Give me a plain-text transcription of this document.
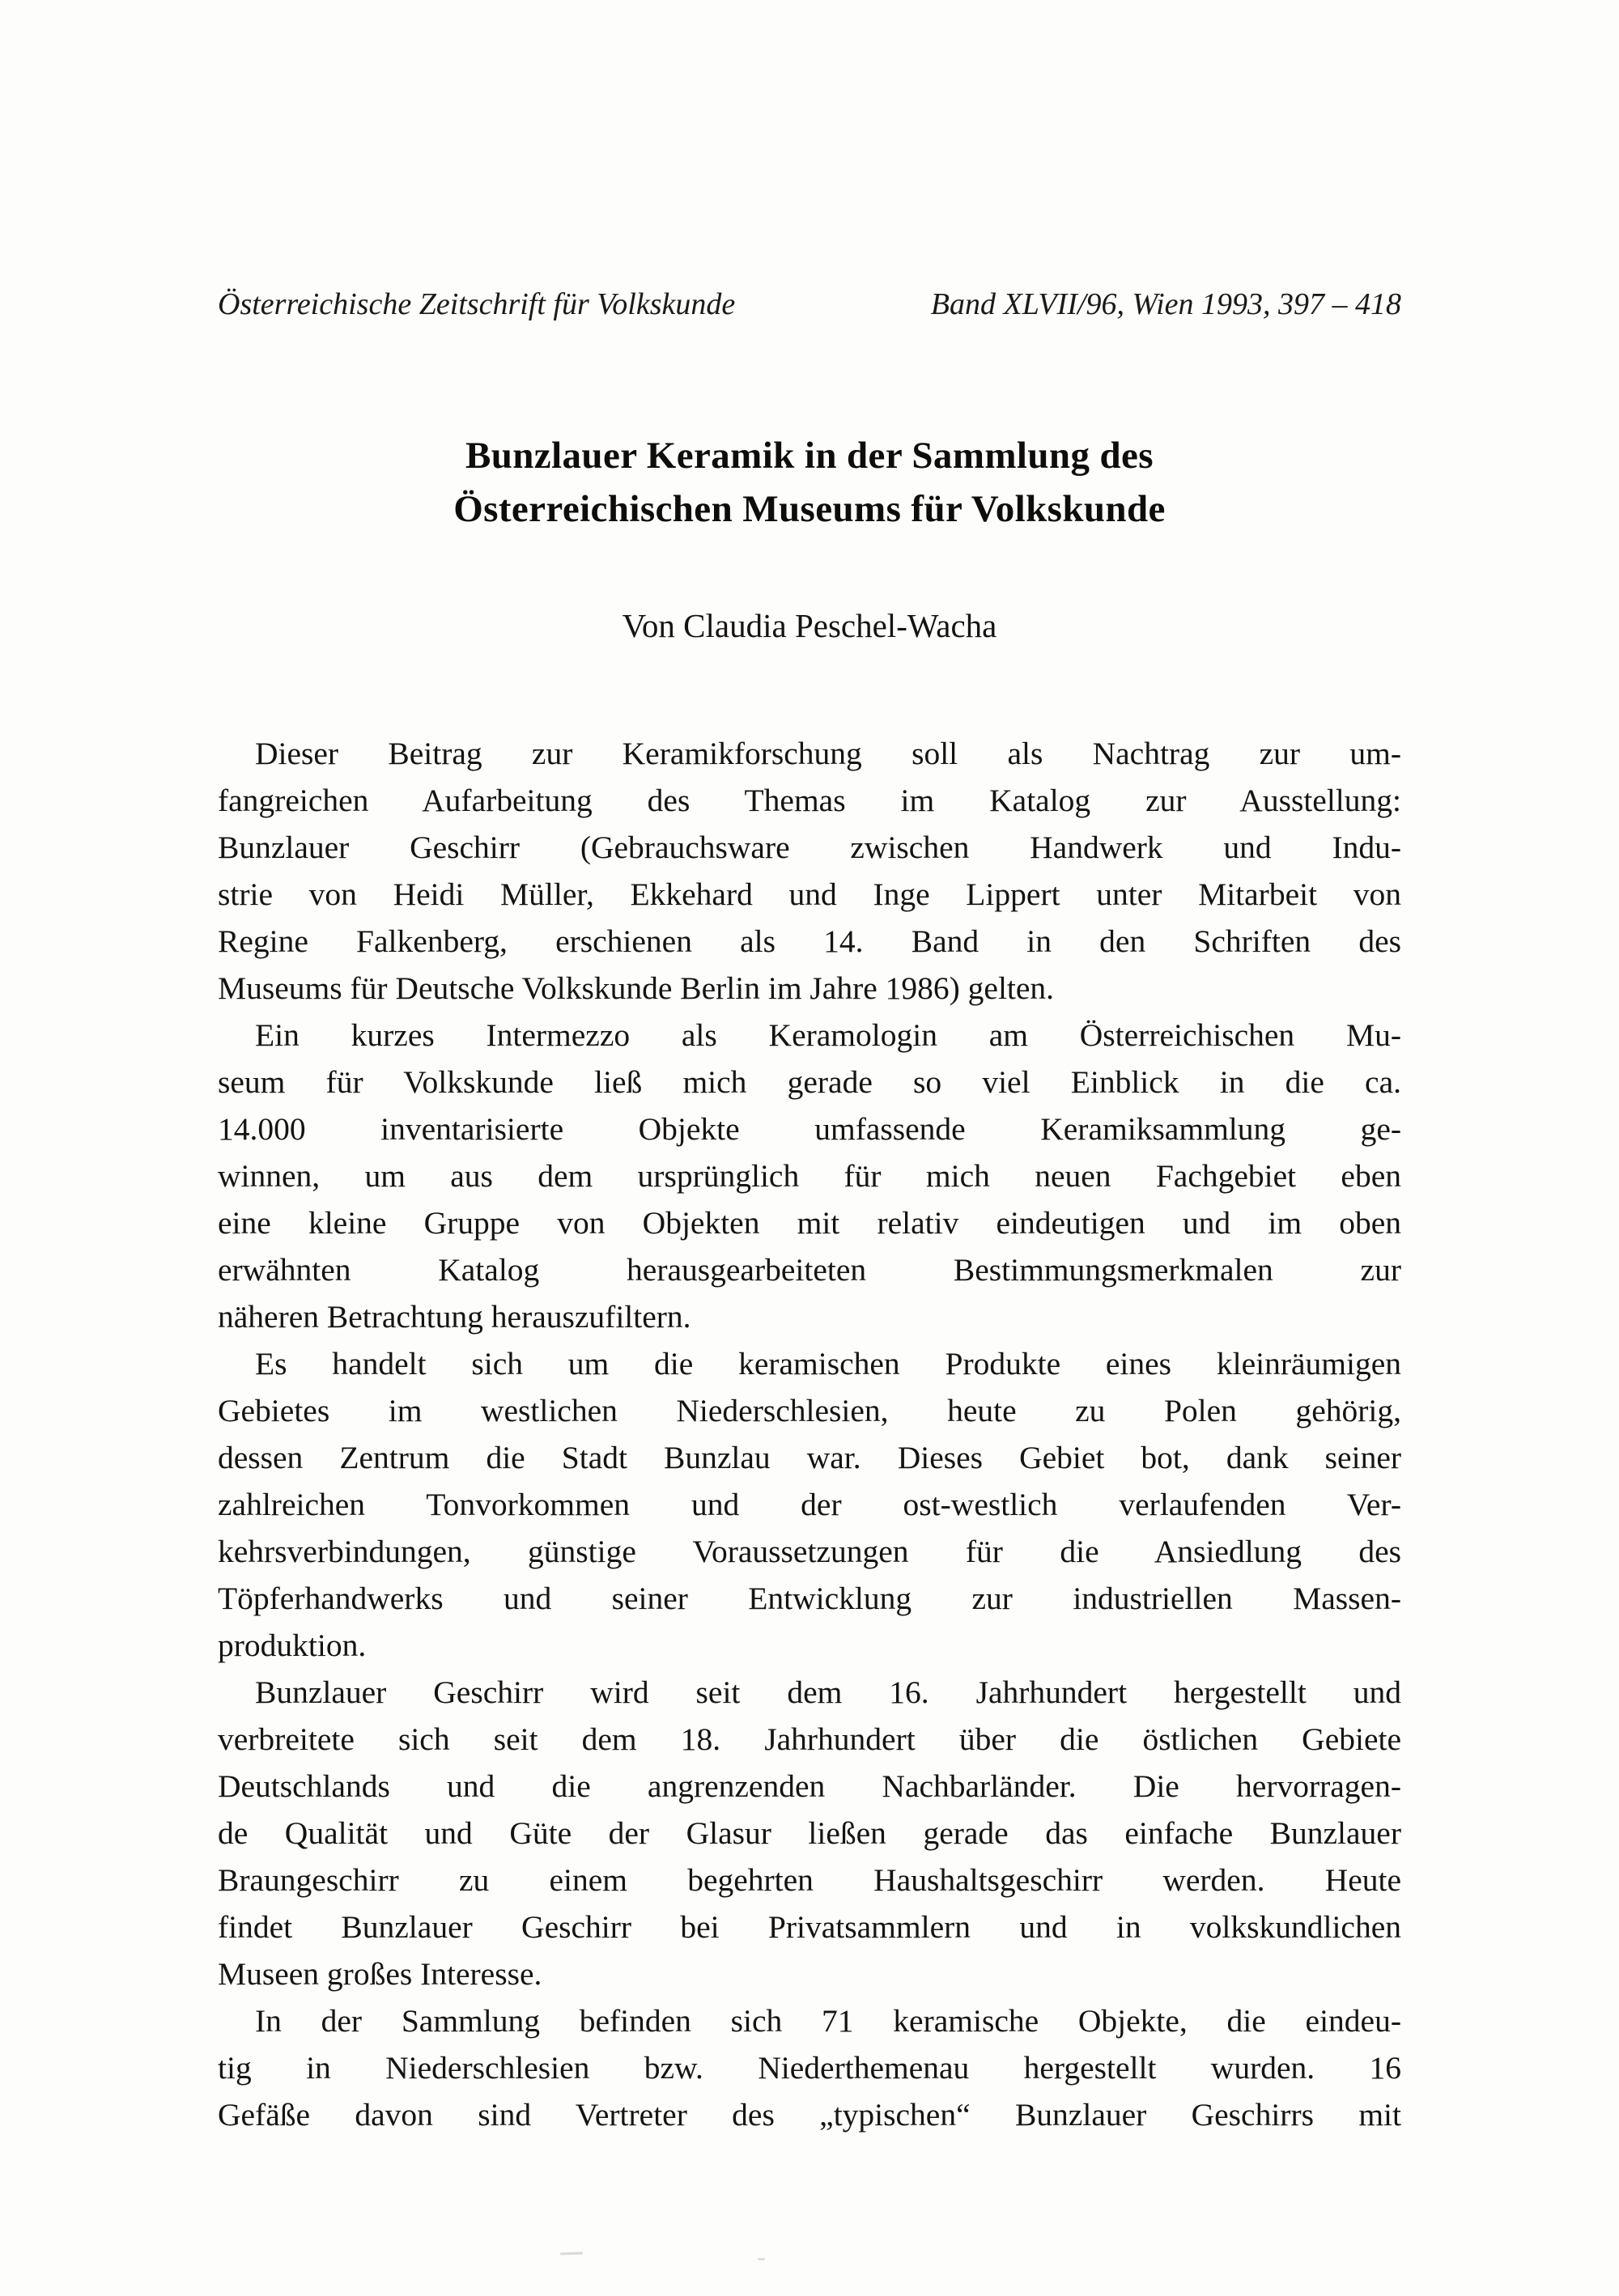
Österreichische Zeitschrift für Volkskunde	Band XLVII/96, Wien 1993, 397 – 418
Bunzlauer Keramik in der Sammlung des
Österreichischen Museums für Volkskunde
Von Claudia Peschel-Wacha
Dieser Beitrag zur Keramikforschung soll als Nachtrag zur um-
fangreichen Aufarbeitung des Themas im Katalog zur Ausstellung:
Bunzlauer Geschirr (Gebrauchsware zwischen Handwerk und Indu-
strie von Heidi Müller, Ekkehard und Inge Lippert unter Mitarbeit von
Regine Falkenberg, erschienen als 14. Band in den Schriften des
Museums für Deutsche Volkskunde Berlin im Jahre 1986) gelten.
Ein kurzes Intermezzo als Keramologin am Österreichischen Mu-
seum für Volkskunde ließ mich gerade so viel Einblick in die ca.
14.000 inventarisierte Objekte umfassende Keramiksammlung ge-
winnen, um aus dem ursprünglich für mich neuen Fachgebiet eben
eine kleine Gruppe von Objekten mit relativ eindeutigen und im oben
erwähnten Katalog herausgearbeiteten Bestimmungsmerkmalen zur
näheren Betrachtung herauszufiltern.
Es handelt sich um die keramischen Produkte eines kleinräumigen
Gebietes im westlichen Niederschlesien, heute zu Polen gehörig,
dessen Zentrum die Stadt Bunzlau war. Dieses Gebiet bot, dank seiner
zahlreichen Tonvorkommen und der ost-westlich verlaufenden Ver-
kehrsverbindungen, günstige Voraussetzungen für die Ansiedlung des
Töpferhandwerks und seiner Entwicklung zur industriellen Massen-
produktion.
Bunzlauer Geschirr wird seit dem 16. Jahrhundert hergestellt und
verbreitete sich seit dem 18. Jahrhundert über die östlichen Gebiete
Deutschlands und die angrenzenden Nachbarländer. Die hervorragen-
de Qualität und Güte der Glasur ließen gerade das einfache Bunzlauer
Braungeschirr zu einem begehrten Haushaltsgeschirr werden. Heute
findet Bunzlauer Geschirr bei Privatsammlern und in volkskundlichen
Museen großes Interesse.
In der Sammlung befinden sich 71 keramische Objekte, die eindeu-
tig in Niederschlesien bzw. Niederthemenau hergestellt wurden. 16
Gefäße davon sind Vertreter des „typischen“ Bunzlauer Geschirrs mit
